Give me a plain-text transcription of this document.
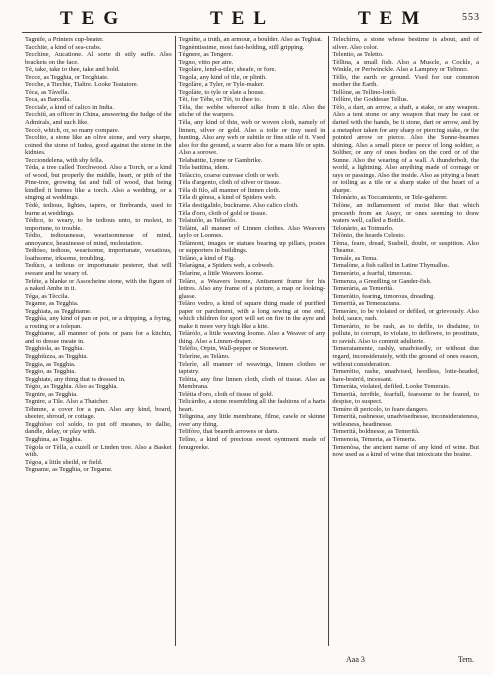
TEG	TEL	TEM	553

Tagnife, a Printers cup-beater.

Tacchite, a kind of sea-crabs.

Tecchine, Aucatione. Al sorte di stily suffe. Also brackets on the face.

Tè, take, take to thee, take and hold.

Tecce, as Tegghia, or Tecghiate.

Tecche, a Tiechte, Tialtre. Looke Teatatore.

Tèca, as Tàvella.

Teca, as Barcella.

Tecciale, a kind of calico in India.

Tecchitì, an officer in China, answering the Iudge of the Admirals, and such like.

Teccò, which, or, so many compare.

Tecolito, a stone like an olive stone, and very sharpe, coined the stone of Iudea, good against the stone in the kidnies.

Tecciondelena, with shy fella.

Tèda, a tree called Torchwood. Also a Torch, or a kind of wood, but properly the middle, heart, or pith of the Pine-tree, growing fat and full of wood, that being kindled it burnes like a torch. Also a wedding, or a singing at weddings.

Tèdè, tedious, lightes, tapers, or firebrands, used to burne at weddings.

Tédico, to weary, to be tedious unto, to molest, to importune, to trouble.

Tédio, tediousnesse, wearisomnesse of mind, annoyance, heauinesse of mind, molestation.

Tedióso, tedious, wearisome, importunate, vexatious, loathsome, irksome, troubling.

Tedùco, a tedious or importunate pesterer, that will sweare and be weary of.

Teféte, a blanke or Assocheine stone, with the figure of a naked Ambe in it.

Téga, as Tèccila.

Tegame, as Tegghia.

Tegghiata, as Tegghiame.

Tegghìa, any kind of pan or pot, or a dripping, a frying, a rosting or a tolepan.

Tegghiame, all manner of pots or pans for a kitchin, and to dresse meate in.

Tegghiola, as Tegghia.

Tegghiùzza, as Tegghia.

Teggia, as Tegghia.

Teggio, as Tegghia.

Tegghiate, any thing that is dressed in.

Tégio, as Tegghia. Also as Tegghia.

Tegnire, as Tegghia.

Tegnire, a Tile. Also a Thatcher.

Téhmne, a cover for a pan. Also any kind, board, sheeter, shroud, or cottage.

Tegghiòso col soldo, to put off meanes, to dallie, dandle, delay, or play with.

Tegghina, as Tegghia.

Tègola or Tèlla, a cuzell or Linden tree. Also a Basket with.

Tégoa, a little sheild, or field.

Tegname, as Tegghia, or Tegame.

Tegnìtte, a truth, an armour, a boulder. Also as Teghiat.

Tegnèntissime, most fast-holding, still gripping.

Tégnere, as Tengere.

Tegno, vitto per atre.

Tegolàre, lend-a-tiler, sheafe, or fore.

Tegola, any kind of tile, or plinth.

Tegolàre, a Tyler, or Tyle-maker.

Tegolàte, to tyle or slate a house.

Tèi, for Tèbe, or Tèi, to thee to.

Tèla, the webbe whereof silke from it tile. Also the stiche of the warpers.

Tèla, any kind of thin, web or woven cloth, namely of linnen, silver or gold. Also a toile or tray used in hunting. Also any web or subtile or fine stile of it. Vsed also for the ground, a warre also for a mans life or spin. Also a sorowe.

Telabatitte, Lynne or Gambrike.

Tela batitina, idem.

Telàccio, coarse cunvase cloth or web.

Tèla d'argento, cloth of silver or tissue.

Tèla di filo, all manner of linnen cloth.

Tèla di gènoa, a kind of Spiders web.

Tèla destigalido, buckrame. Also calico cloth.

Tèla d'oro, cloth of gold or tissue.

Telaiuòlo, as Telaròlo.

Telàini, all manner of Linnen clothes. Also Weavers taylo or Loomes.

Telàmoni, images or statues bearing up pillars, postes or supporters in buildings.

Telàno, a kind of Fig.

Telaràgna, a Spiders web, a cobweb.

Telarìne, a little Weavers loome.

Telàro, a Weavers loome, Antisment frame for his lettres. Also any frame of a picture, a map or looking-glasse.

Telàro vedro, a kind of square thing made of purified paper or parchment, with a long sewing at one end, which children for sport will set on fire in the ayre and make it more very high like a kite.

Telàròlo, a little weaving loome. Also a Weaver of any thing. Also a Linnen-draper.

Telèfio, Orpin, Wall-pepper or Stonewort.

Telerìne, as Telàno.

Telerìe, all manner of weavings, linnen clothes or tapistry.

Telètta, any fine linnen cloth, cloth of tissue. Also as Membrana.

Telètta d'oro, cloth of tissue of gold.

Telicàrdio, a stone resembling all the fashions of a harts heart.

Telignina, any little membrane, filme, cawle or skinne over any thing.

Telifòro, that beareth arrowes or darts.

Telìno, a kind of precious sweet oyntment made of fenugreeke.

Telechìrra, a stone whose bestirne is about, and of silver. Also color.

Telentio, as Teletto.

Tèllina, a small fish. Also a Muscle, a Cockle, a Winkle, or Periwinckle. Also a Lamprey or Telinno.

Tèllo, the earth or ground. Vsed for our common mother the Earth.

Tellòne, as Tellino-lottò.

Tellùre, the Goddesse Tellus.

Tèlo, a dart, an arrow, a shaft, a stake, or any weapon. Also a tent stone or any weapon that may be cast or darted with the hands, be it stone, dart or arrow, and by a metaphor taken for any sharp or piercing stake, or the pointed arrow or pierce. Also the Sunne-beames shining. Also a small piece or peece of long soldier, a Soliber, or any of ones bodies on the cord or of the Sunne. Also the wearing of a wall. A thunderbolt, the world, a lightning. Also anything made of cornage or rays or passings. Also the inside. Also as pitying a heart or toiling as a tile or a sharp stake of the heart of a sharpe.

Telonàrio, as Toccamiento, or Tele-gatherer.

Telòne, an inflamement of moist like that which proceeth from an Assyr, or ones seeming to draw waters well, called a Bottle.

Telonàrio, as Totmurlo.

Telònio, the heards Celesto.

Tèma, feare, dread, Susbell, doubt, or suspition. Also Theame.

Temàle, as Tema.

Temalòne, a fish called in Latine Thymallus.

Temeràrio, a fearful, timerous.

Temenza, a Greedling or Gander-fish.

Temerària, as Temerità.

Temeràtio, fearing, timorous, dreading.

Temerità, as Temeraziana.

Temeràre, to be violated or defiled, or grievously. Also bold, sauce, rash.

Temeràrio, to be rash, as to defile, to disdaine, to pollute, to corrupt, to violate, to deflowre, to prostitute, to ravish. Also to commit adulterie.

Temeratamente, rashly, unadvisedly, or without due regard, inconsiderately, with the ground of ones reason, without consideration.

Temerèito, rashe, unadvised, heedless, lotte-headed, bare-brain'd, incessant.

Temeràta, violated, defiled. Looke Temeraio.

Temerità, terrible, fearfull, fearsome to be feared, to despise, to suspect.

Temère di pericolo, to feare dangers.

Temerità, rashnesse, unadvisednesse, inconsiderateness, witlesness, headinesse.

Temerità, boldnesse, as Temerità.

Temenoia, Temeria, as Tèmeria.

Temenòsa, the ancient name of any kind of wine. But now used as a kind of wine that intoxicate the braine.

Aaa 3	Tem.
